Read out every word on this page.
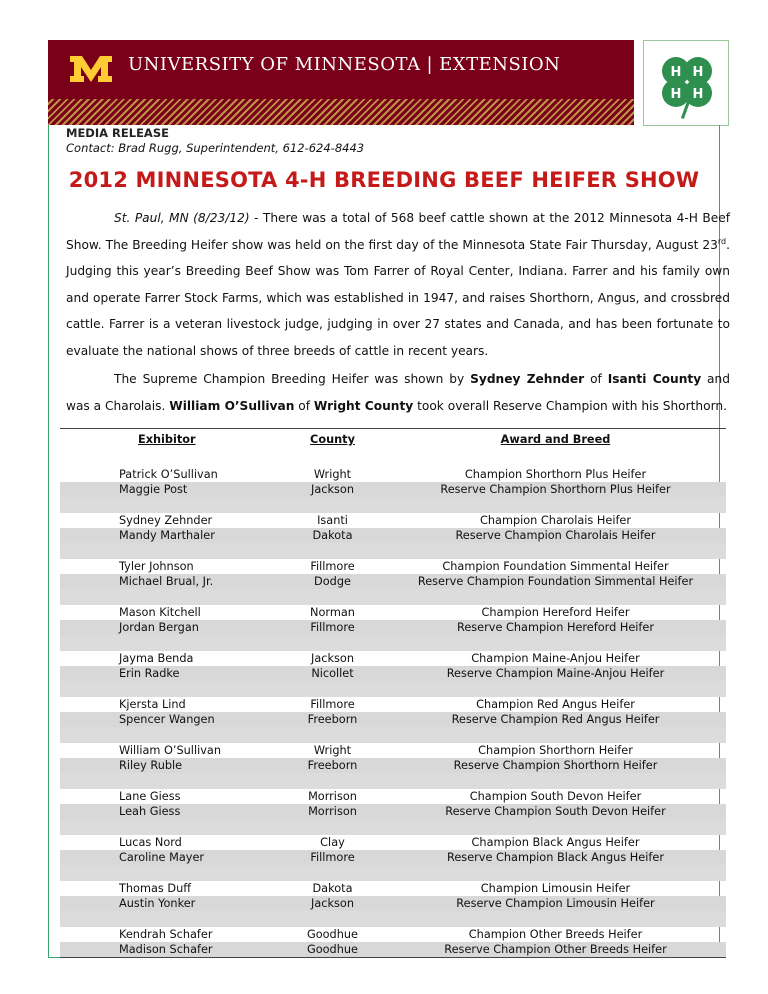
UNIVERSITY OF MINNESOTA | EXTENSION	H H
H H
MEDIA RELEASE
Contact: Brad Rugg, Superintendent, 612-624-8443
2012 MINNESOTA 4-H BREEDING BEEF HEIFER SHOW
St. Paul, MN (8/23/12) - There was a total of 568 beef cattle shown at the 2012 Minnesota 4-H Beef Show. The Breeding Heifer show was held on the first day of the Minnesota State Fair Thursday, August 23rd. Judging this year’s Breeding Beef Show was Tom Farrer of Royal Center, Indiana. Farrer and his family own and operate Farrer Stock Farms, which was established in 1947, and raises Shorthorn, Angus, and crossbred cattle. Farrer is a veteran livestock judge, judging in over 27 states and Canada, and has been fortunate to evaluate the national shows of three breeds of cattle in recent years.
The Supreme Champion Breeding Heifer was shown by Sydney Zehnder of Isanti County and was a Charolais. William O’Sullivan of Wright County took overall Reserve Champion with his Shorthorn.
Exhibitor	County	Award and Breed
Patrick O’Sullivan	Wright	Champion Shorthorn Plus Heifer
Maggie Post	Jackson	Reserve Champion Shorthorn Plus Heifer
Sydney Zehnder	Isanti	Champion Charolais Heifer
Mandy Marthaler	Dakota	Reserve Champion Charolais Heifer
Tyler Johnson	Fillmore	Champion Foundation Simmental Heifer
Michael Brual, Jr.	Dodge	Reserve Champion Foundation Simmental Heifer
Mason Kitchell	Norman	Champion Hereford Heifer
Jordan Bergan	Fillmore	Reserve Champion Hereford Heifer
Jayma Benda	Jackson	Champion Maine-Anjou Heifer
Erin Radke	Nicollet	Reserve Champion Maine-Anjou Heifer
Kjersta Lind	Fillmore	Champion Red Angus Heifer
Spencer Wangen	Freeborn	Reserve Champion Red Angus Heifer
William O’Sullivan	Wright	Champion Shorthorn Heifer
Riley Ruble	Freeborn	Reserve Champion Shorthorn Heifer
Lane Giess	Morrison	Champion South Devon Heifer
Leah Giess	Morrison	Reserve Champion South Devon Heifer
Lucas Nord	Clay	Champion Black Angus Heifer
Caroline Mayer	Fillmore	Reserve Champion Black Angus Heifer
Thomas Duff	Dakota	Champion Limousin Heifer
Austin Yonker	Jackson	Reserve Champion Limousin Heifer
Kendrah Schafer	Goodhue	Champion Other Breeds Heifer
Madison Schafer	Goodhue	Reserve Champion Other Breeds Heifer
